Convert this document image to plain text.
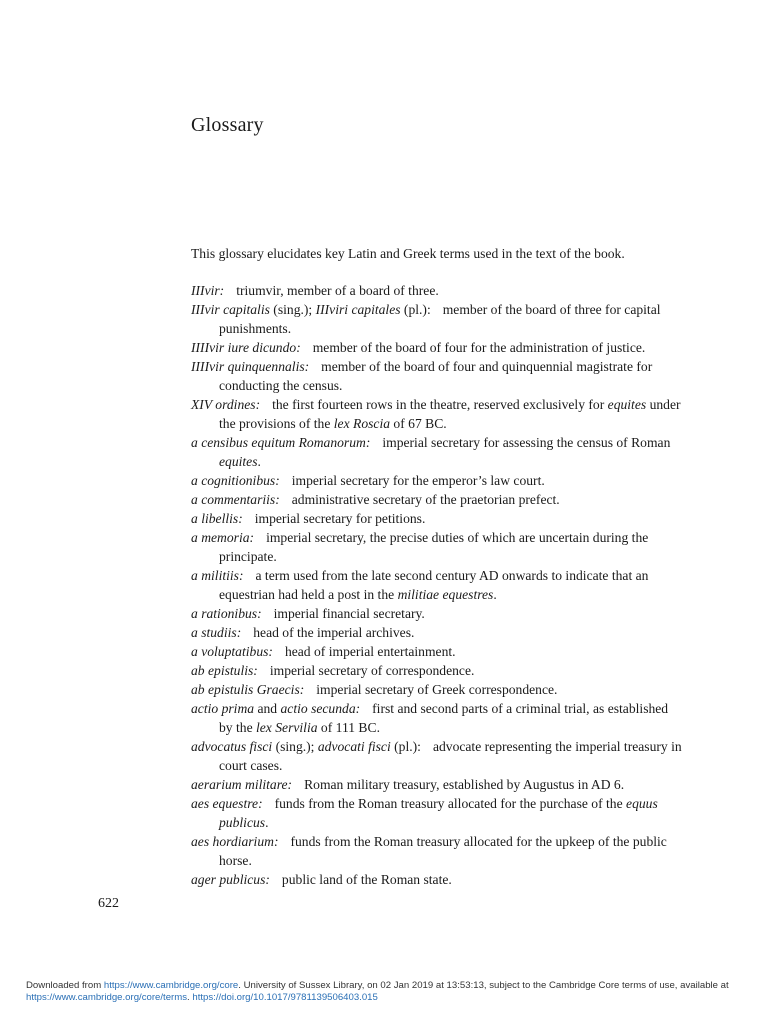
Glossary

This glossary elucidates key Latin and Greek terms used in the text of the book.

IIIvir: triumvir, member of a board of three.

IIIvir capitalis (sing.); IIIviri capitales (pl.): member of the board of three for capital punishments.

IIIIvir iure dicundo: member of the board of four for the administration of justice.

IIIIvir quinquennalis: member of the board of four and quinquennial magistrate for conducting the census.

XIV ordines: the first fourteen rows in the theatre, reserved exclusively for equites under the provisions of the lex Roscia of 67 BC.

a censibus equitum Romanorum: imperial secretary for assessing the census of Roman equites.

a cognitionibus: imperial secretary for the emperor’s law court.

a commentariis: administrative secretary of the praetorian prefect.

a libellis: imperial secretary for petitions.

a memoria: imperial secretary, the precise duties of which are uncertain during the principate.

a militiis: a term used from the late second century AD onwards to indicate that an equestrian had held a post in the militiae equestres.

a rationibus: imperial financial secretary.

a studiis: head of the imperial archives.

a voluptatibus: head of imperial entertainment.

ab epistulis: imperial secretary of correspondence.

ab epistulis Graecis: imperial secretary of Greek correspondence.

actio prima and actio secunda: first and second parts of a criminal trial, as established by the lex Servilia of 111 BC.

advocatus fisci (sing.); advocati fisci (pl.): advocate representing the imperial treasury in court cases.

aerarium militare: Roman military treasury, established by Augustus in AD 6.

aes equestre: funds from the Roman treasury allocated for the purchase of the equus publicus.

aes hordiarium: funds from the Roman treasury allocated for the upkeep of the public horse.

ager publicus: public land of the Roman state.

622
Downloaded from https://www.cambridge.org/core. University of Sussex Library, on 02 Jan 2019 at 13:53:13, subject to the Cambridge Core terms of use, available at
https://www.cambridge.org/core/terms. https://doi.org/10.1017/9781139506403.015
